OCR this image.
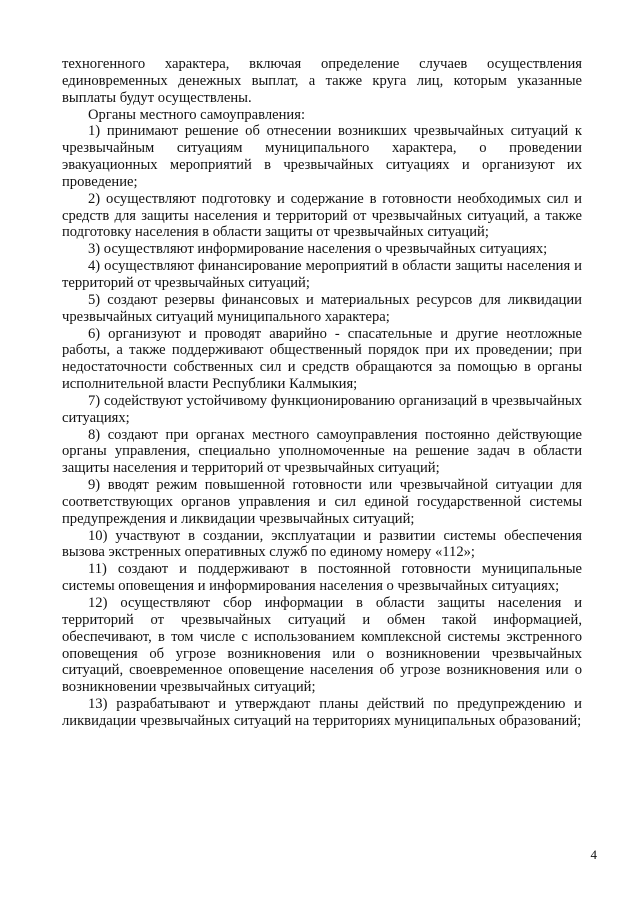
техногенного характера, включая определение случаев осуществления единовременных денежных выплат, а также круга лиц, которым указанные выплаты будут осуществлены.

Органы местного самоуправления:

1) принимают решение об отнесении возникших чрезвычайных ситуаций к чрезвычайным ситуациям муниципального характера, о проведении эвакуационных мероприятий в чрезвычайных ситуациях и организуют их проведение;

2) осуществляют подготовку и содержание в готовности необходимых сил и средств для защиты населения и территорий от чрезвычайных ситуаций, а также подготовку населения в области защиты от чрезвычайных ситуаций;

3) осуществляют информирование населения о чрезвычайных ситуациях;

4) осуществляют финансирование мероприятий в области защиты населения и территорий от чрезвычайных ситуаций;

5) создают резервы финансовых и материальных ресурсов для ликвидации чрезвычайных ситуаций муниципального характера;

6) организуют и проводят аварийно - спасательные и другие неотложные работы, а также поддерживают общественный порядок при их проведении; при недостаточности собственных сил и средств обращаются за помощью в органы исполнительной власти Республики Калмыкия;

7) содействуют устойчивому функционированию организаций в чрезвычайных ситуациях;

8) создают при органах местного самоуправления постоянно действующие органы управления, специально уполномоченные на решение задач в области защиты населения и территорий от чрезвычайных ситуаций;

9) вводят режим повышенной готовности или чрезвычайной ситуации для соответствующих органов управления и сил единой государственной системы предупреждения и ликвидации чрезвычайных ситуаций;

10) участвуют в создании, эксплуатации и развитии системы обеспечения вызова экстренных оперативных служб по единому номеру «112»;

11) создают и поддерживают в постоянной готовности муниципальные системы оповещения и информирования населения о чрезвычайных ситуациях;

12) осуществляют сбор информации в области защиты населения и территорий от чрезвычайных ситуаций и обмен такой информацией, обеспечивают, в том числе с использованием комплексной системы экстренного оповещения об угрозе возникновения или о возникновении чрезвычайных ситуаций, своевременное оповещение населения об угрозе возникновения или о возникновении чрезвычайных ситуаций;

13) разрабатывают и утверждают планы действий по предупреждению и ликвидации чрезвычайных ситуаций на территориях муниципальных образований;

4
